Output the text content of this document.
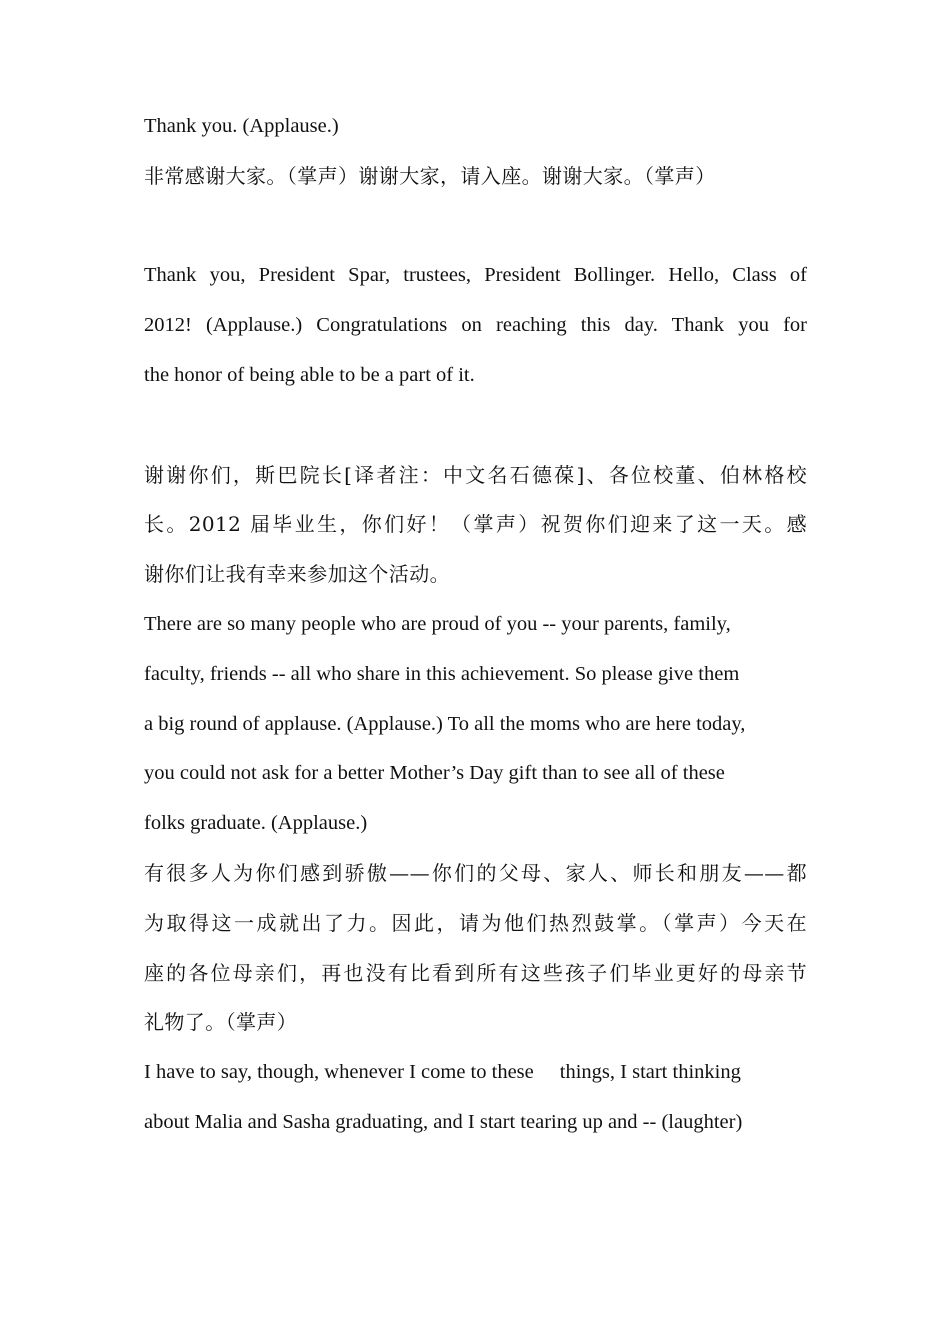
Thank you. (Applause.)
非常感谢大家。（掌声）谢谢大家，请入座。谢谢大家。（掌声）
Thank you, President Spar, trustees, President Bollinger. Hello, Class of
2012! (Applause.) Congratulations on reaching this day. Thank you for
the honor of being able to be a part of it.
谢谢你们，斯巴院长[译者注：中文名石德葆]、各位校董、伯林格校
长。2012 届毕业生，你们好！（掌声）祝贺你们迎来了这一天。感
谢你们让我有幸来参加这个活动。
There are so many people who are proud of you -- your parents, family,
faculty, friends -- all who share in this achievement. So please give them
a big round of applause. (Applause.) To all the moms who are here today,
you could not ask for a better Mother’s Day gift than to see all of these
folks graduate. (Applause.)
有很多人为你们感到骄傲——你们的父母、家人、师长和朋友——都
为取得这一成就出了力。因此，请为他们热烈鼓掌。（掌声）今天在
座的各位母亲们，再也没有比看到所有这些孩子们毕业更好的母亲节
礼物了。（掌声）
I have to say, though, whenever I come to these things, I start thinking
about Malia and Sasha graduating, and I start tearing up and -- (laughter)
